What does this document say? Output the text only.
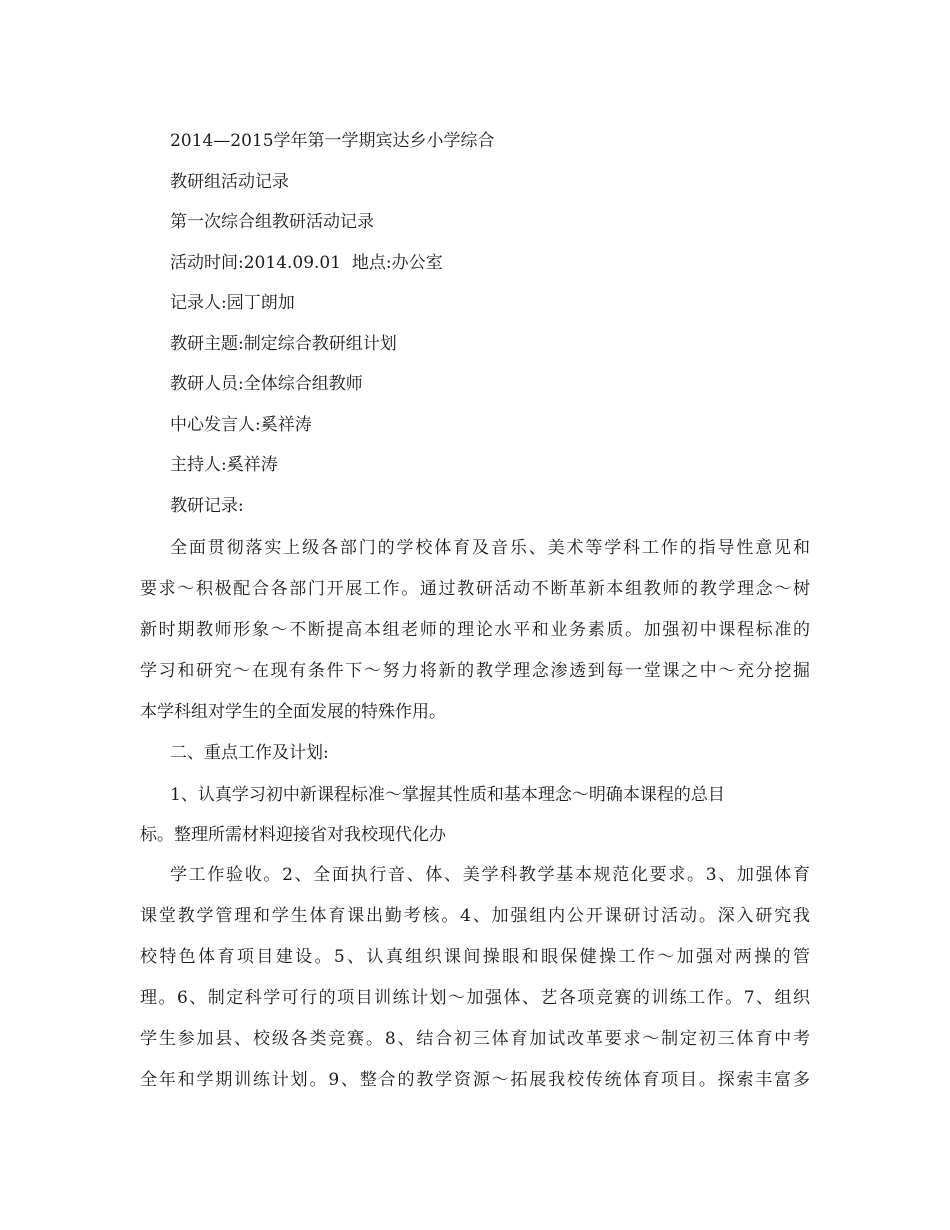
2014—2015学年第一学期宾达乡小学综合
教研组活动记录
第一次综合组教研活动记录
活动时间:2014.09.01  地点:办公室
记录人:园丁朗加
教研主题:制定综合教研组计划
教研人员:全体综合组教师
中心发言人:奚祥涛
主持人:奚祥涛
教研记录:
全面贯彻落实上级各部门的学校体育及音乐、美术等学科工作的指导性意见和
要求～积极配合各部门开展工作。通过教研活动不断革新本组教师的教学理念～树
新时期教师形象～不断提高本组老师的理论水平和业务素质。加强初中课程标准的
学习和研究～在现有条件下～努力将新的教学理念渗透到每一堂课之中～充分挖掘
本学科组对学生的全面发展的特殊作用。
二、重点工作及计划:
1、认真学习初中新课程标准～掌握其性质和基本理念～明确本课程的总目
标。整理所需材料迎接省对我校现代化办
学工作验收。2、全面执行音、体、美学科教学基本规范化要求。3、加强体育
课堂教学管理和学生体育课出勤考核。4、加强组内公开课研讨活动。深入研究我
校特色体育项目建设。5、认真组织课间操眼和眼保健操工作～加强对两操的管
理。6、制定科学可行的项目训练计划～加强体、艺各项竞赛的训练工作。7、组织
学生参加县、校级各类竞赛。8、结合初三体育加试改革要求～制定初三体育中考
全年和学期训练计划。9、整合的教学资源～拓展我校传统体育项目。探索丰富多
